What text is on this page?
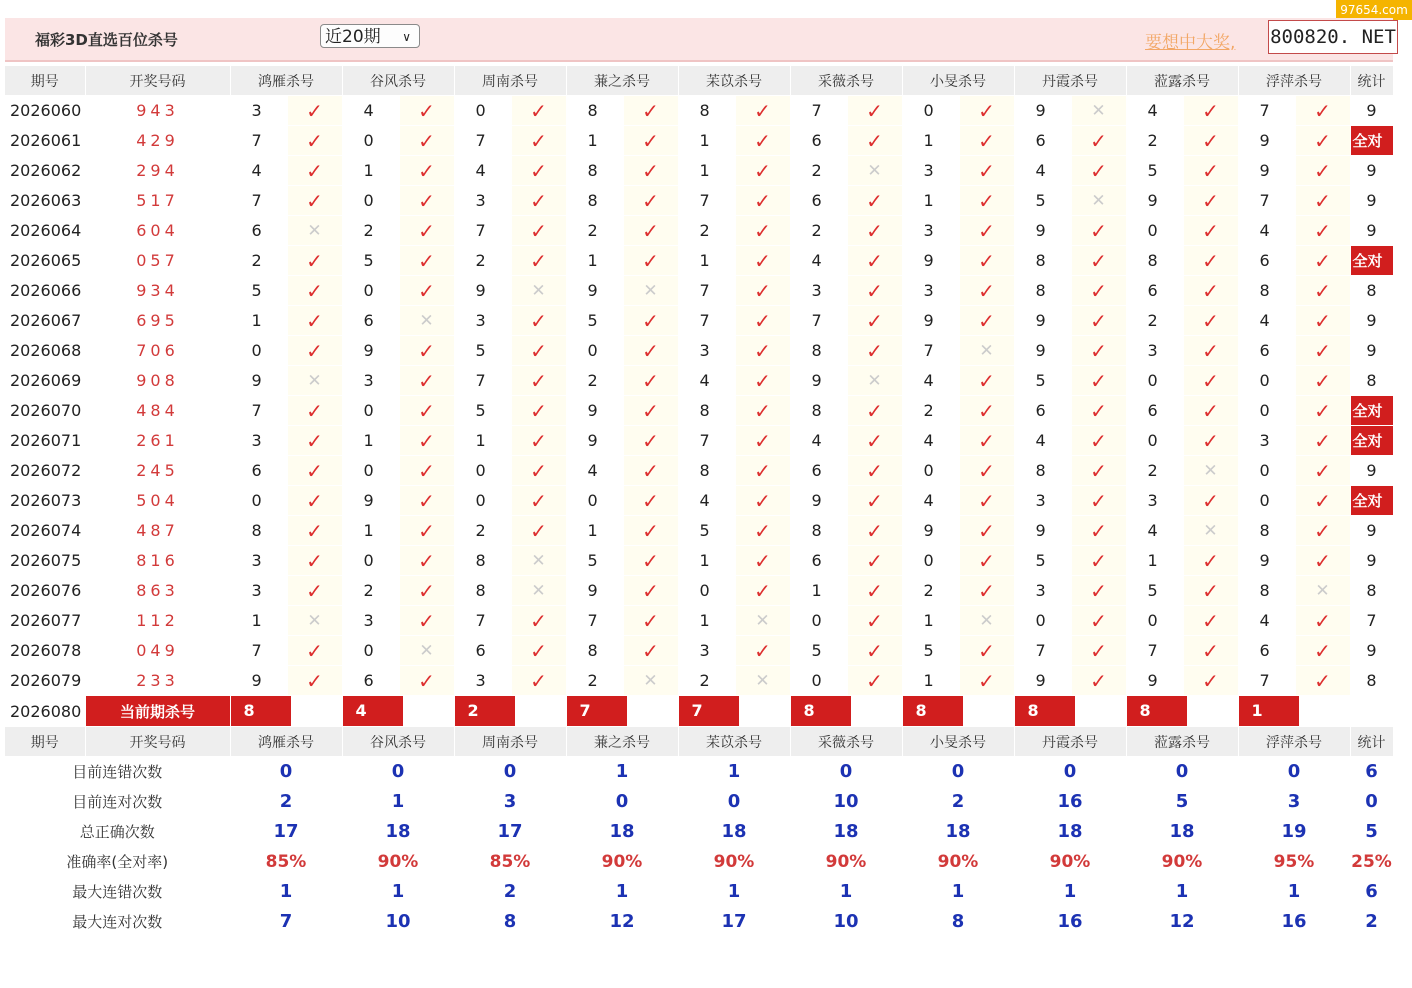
97654.com
福彩3D直选百位杀号	近20期 ∨	要想中大奖, 800820. NET
期号	开奖号码	鸿雁杀号		谷风杀号		周南杀号		蒹之杀号		苿苡杀号		采薇杀号		小旻杀号		丹霞杀号		蒞露杀号		浮萍杀号		统计
2026060	943	3	✓	4	✓	0	✓	8	✓	8	✓	7	✓	0	✓	9	✕	4	✓	7	✓	9
2026061	429	7	✓	0	✓	7	✓	1	✓	1	✓	6	✓	1	✓	6	✓	2	✓	9	✓	全对
2026062	294	4	✓	1	✓	4	✓	8	✓	1	✓	2	✕	3	✓	4	✓	5	✓	9	✓	9
2026063	517	7	✓	0	✓	3	✓	8	✓	7	✓	6	✓	1	✓	5	✕	9	✓	7	✓	9
2026064	604	6	✕	2	✓	7	✓	2	✓	2	✓	2	✓	3	✓	9	✓	0	✓	4	✓	9
2026065	057	2	✓	5	✓	2	✓	1	✓	1	✓	4	✓	9	✓	8	✓	8	✓	6	✓	全对
2026066	934	5	✓	0	✓	9	✕	9	✕	7	✓	3	✓	3	✓	8	✓	6	✓	8	✓	8
2026067	695	1	✓	6	✕	3	✓	5	✓	7	✓	7	✓	9	✓	9	✓	2	✓	4	✓	9
2026068	706	0	✓	9	✓	5	✓	0	✓	3	✓	8	✓	7	✕	9	✓	3	✓	6	✓	9
2026069	908	9	✕	3	✓	7	✓	2	✓	4	✓	9	✕	4	✓	5	✓	0	✓	0	✓	8
2026070	484	7	✓	0	✓	5	✓	9	✓	8	✓	8	✓	2	✓	6	✓	6	✓	0	✓	全对
2026071	261	3	✓	1	✓	1	✓	9	✓	7	✓	4	✓	4	✓	4	✓	0	✓	3	✓	全对
2026072	245	6	✓	0	✓	0	✓	4	✓	8	✓	6	✓	0	✓	8	✓	2	✕	0	✓	9
2026073	504	0	✓	9	✓	0	✓	0	✓	4	✓	9	✓	4	✓	3	✓	3	✓	0	✓	全对
2026074	487	8	✓	1	✓	2	✓	1	✓	5	✓	8	✓	9	✓	9	✓	4	✕	8	✓	9
2026075	816	3	✓	0	✓	8	✕	5	✓	1	✓	6	✓	0	✓	5	✓	1	✓	9	✓	9
2026076	863	3	✓	2	✓	8	✕	9	✓	0	✓	1	✓	2	✓	3	✓	5	✓	8	✕	8
2026077	112	1	✕	3	✓	7	✓	7	✓	1	✕	0	✓	1	✕	0	✓	0	✓	4	✓	7
2026078	049	7	✓	0	✕	6	✓	8	✓	3	✓	5	✓	5	✓	7	✓	7	✓	6	✓	9
2026079	233	9	✓	6	✓	3	✓	2	✕	2	✕	0	✓	1	✓	9	✓	9	✓	7	✓	8
2026080	当前期杀号	8		4		2		7		7		8		8		8		8		1		
期号	开奖号码	鸿雁杀号		谷风杀号		周南杀号		蒹之杀号		苿苡杀号		采薇杀号		小旻杀号		丹霞杀号		蒞露杀号		浮萍杀号		统计
目前连错次数		0		0		0		1		1		0		0		0		0		0		6
目前连对次数		2		1		3		0		0		10		2		16		5		3		0
总正确次数		17		18		17		18		18		18		18		18		18		19		5
准确率(全对率)		85%		90%		85%		90%		90%		90%		90%		90%		90%		95%		25%
最大连错次数		1		1		2		1		1		1		1		1		1		1		6
最大连对次数		7		10		8		12		17		10		8		16		12		16		2
